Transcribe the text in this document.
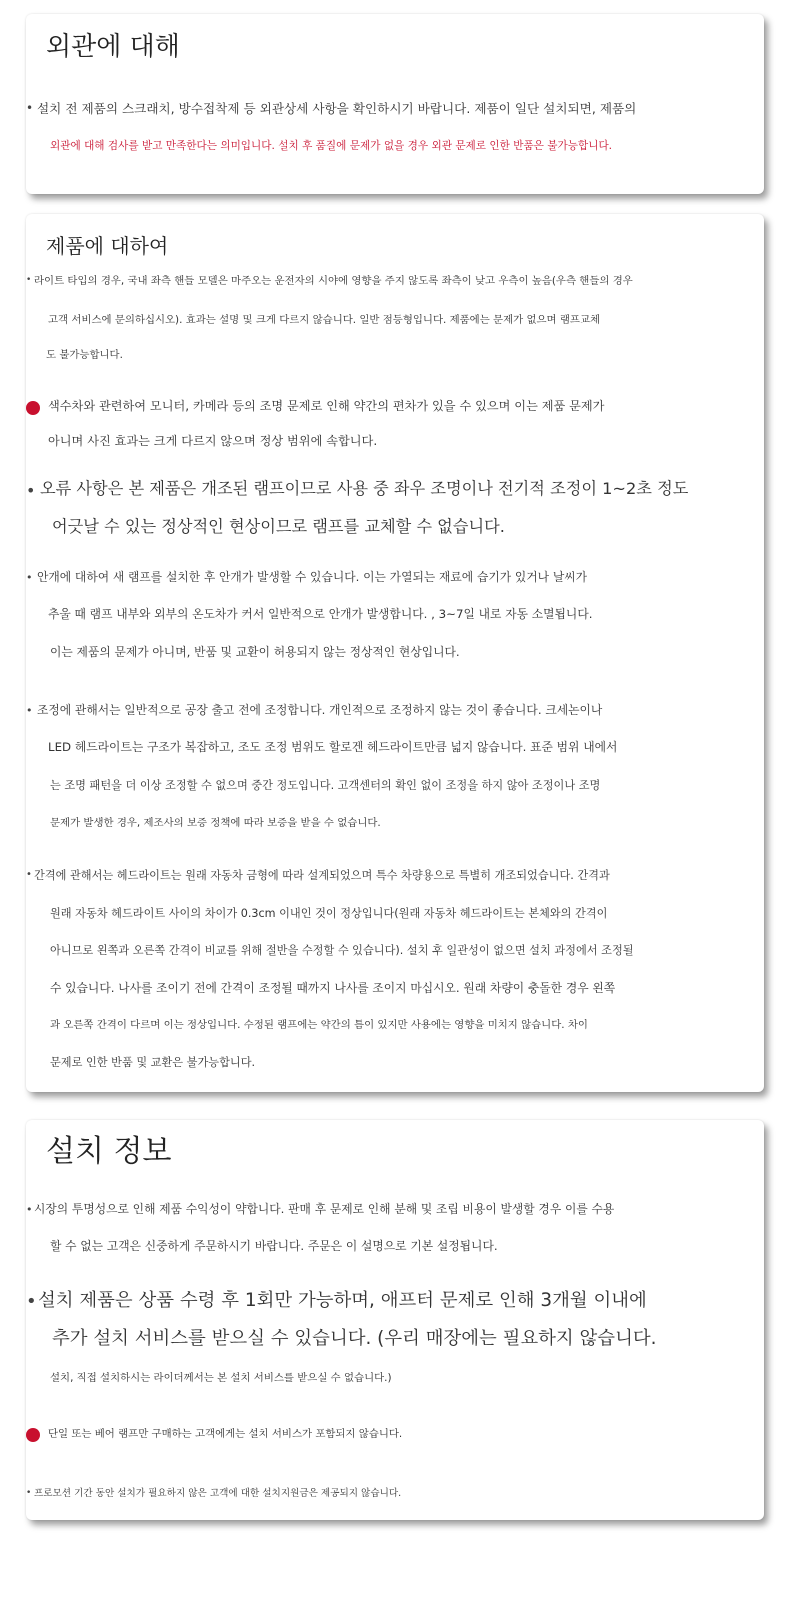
외관에 대해
• 설치 전 제품의 스크래치, 방수접착제 등 외관상세 사항을 확인하시기 바랍니다. 제품이 일단 설치되면, 제품의
외관에 대해 검사를 받고 만족한다는 의미입니다. 설치 후 품질에 문제가 없을 경우 외관 문제로 인한 반품은 불가능합니다.
제품에 대하여
• 라이트 타입의 경우, 국내 좌측 핸들 모델은 마주오는 운전자의 시야에 영향을 주지 않도록 좌측이 낮고 우측이 높음(우측 핸들의 경우
고객 서비스에 문의하십시오). 효과는 설명 및 크게 다르지 않습니다. 일반 점등형입니다. 제품에는 문제가 없으며 램프교체
도 불가능합니다.
색수차와 관련하여 모니터, 카메라 등의 조명 문제로 인해 약간의 편차가 있을 수 있으며 이는 제품 문제가
아니며 사진 효과는 크게 다르지 않으며 정상 범위에 속합니다.
• 오류 사항은 본 제품은 개조된 램프이므로 사용 중 좌우 조명이나 전기적 조정이 1~2초 정도
어긋날 수 있는 정상적인 현상이므로 램프를 교체할 수 없습니다.
• 안개에 대하여 새 램프를 설치한 후 안개가 발생할 수 있습니다. 이는 가열되는 재료에 습기가 있거나 날씨가
추울 때 램프 내부와 외부의 온도차가 커서 일반적으로 안개가 발생합니다. , 3~7일 내로 자동 소멸됩니다.
이는 제품의 문제가 아니며, 반품 및 교환이 허용되지 않는 정상적인 현상입니다.
• 조정에 관해서는 일반적으로 공장 출고 전에 조정합니다. 개인적으로 조정하지 않는 것이 좋습니다. 크세논이나
LED 헤드라이트는 구조가 복잡하고, 조도 조정 범위도 할로겐 헤드라이트만큼 넓지 않습니다. 표준 범위 내에서
는 조명 패턴을 더 이상 조정할 수 없으며 중간 정도입니다. 고객센터의 확인 없이 조정을 하지 않아 조정이나 조명
문제가 발생한 경우, 제조사의 보증 정책에 따라 보증을 받을 수 없습니다.
• 간격에 관해서는 헤드라이트는 원래 자동차 금형에 따라 설계되었으며 특수 차량용으로 특별히 개조되었습니다. 간격과
원래 자동차 헤드라이트 사이의 차이가 0.3cm 이내인 것이 정상입니다(원래 자동차 헤드라이트는 본체와의 간격이
아니므로 왼쪽과 오른쪽 간격이 비교를 위해 절반을 수정할 수 있습니다). 설치 후 일관성이 없으면 설치 과정에서 조정될
수 있습니다. 나사를 조이기 전에 간격이 조정될 때까지 나사를 조이지 마십시오. 원래 차량이 충돌한 경우 왼쪽
과 오른쪽 간격이 다르며 이는 정상입니다. 수정된 램프에는 약간의 틈이 있지만 사용에는 영향을 미치지 않습니다. 차이
문제로 인한 반품 및 교환은 불가능합니다.
설치 정보
• 시장의 투명성으로 인해 제품 수익성이 약합니다. 판매 후 문제로 인해 분해 및 조립 비용이 발생할 경우 이를 수용
할 수 없는 고객은 신중하게 주문하시기 바랍니다. 주문은 이 설명으로 기본 설정됩니다.
• 설치 제품은 상품 수령 후 1회만 가능하며, 애프터 문제로 인해 3개월 이내에
추가 설치 서비스를 받으실 수 있습니다. (우리 매장에는 필요하지 않습니다.
설치, 직접 설치하시는 라이더께서는 본 설치 서비스를 받으실 수 없습니다.)
단일 또는 베어 램프만 구매하는 고객에게는 설치 서비스가 포함되지 않습니다.
• 프로모션 기간 동안 설치가 필요하지 않은 고객에 대한 설치지원금은 제공되지 않습니다.
